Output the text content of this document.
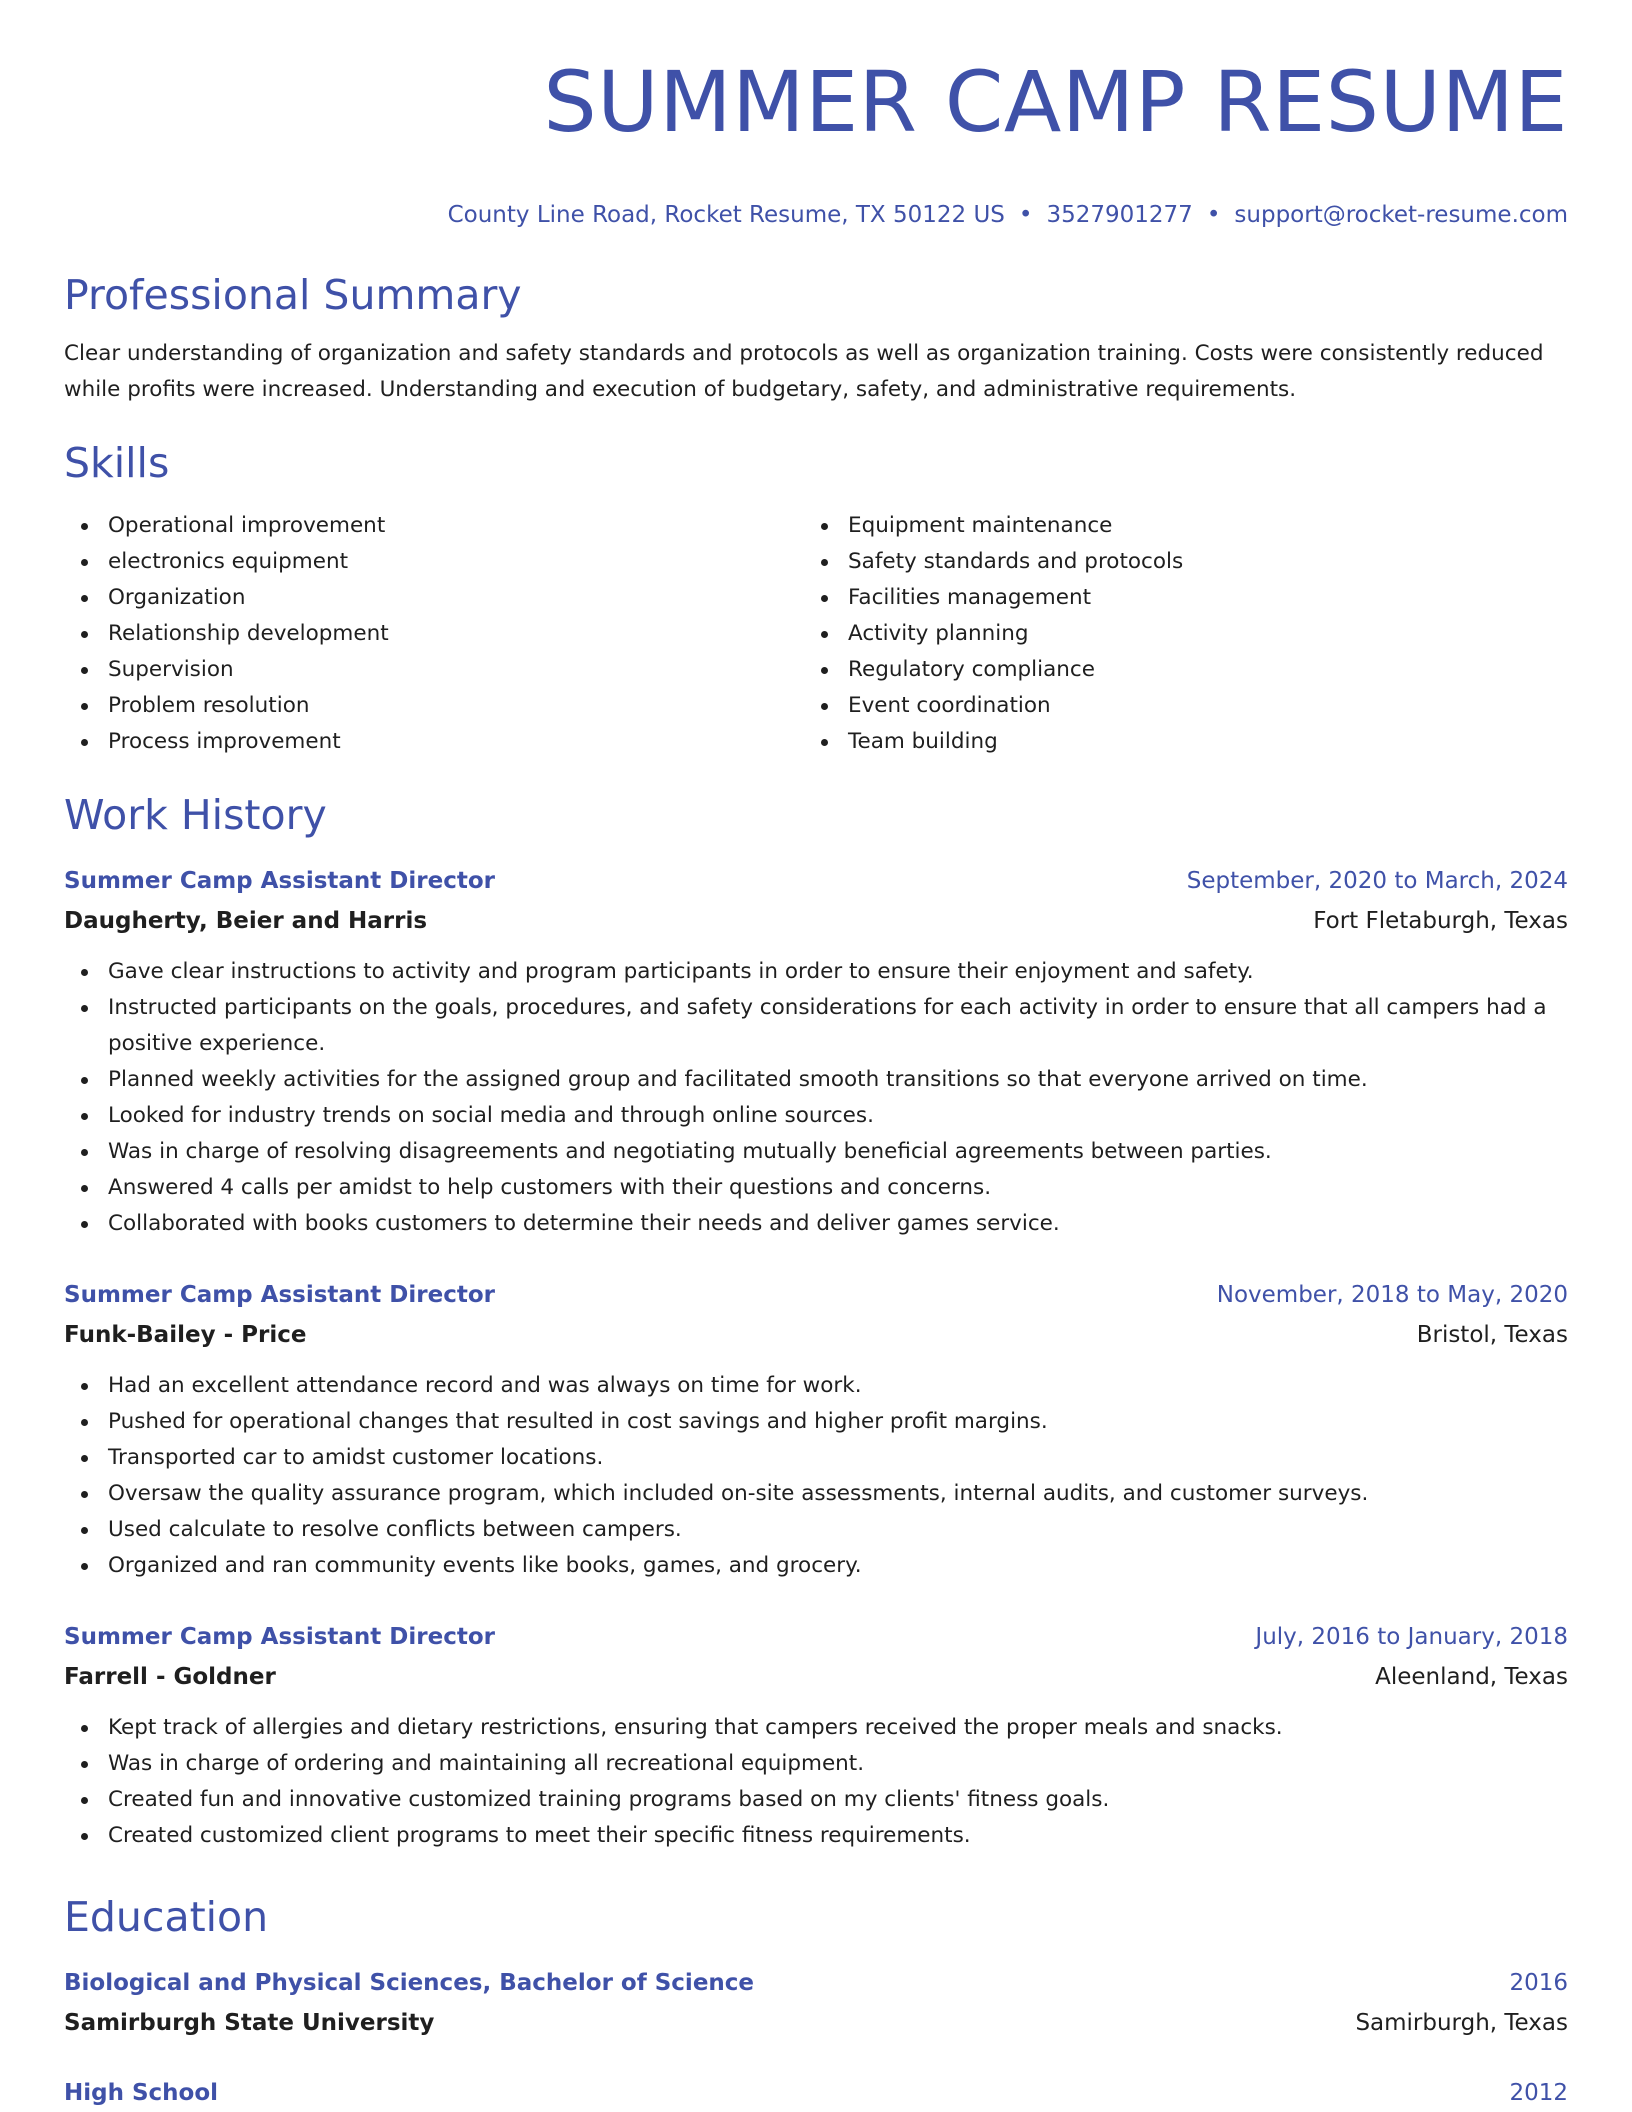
SUMMER CAMP RESUME
County Line Road, Rocket Resume, TX 50122 US • 3527901277 • support@rocket-resume.com
Professional Summary

Clear understanding of organization and safety standards and protocols as well as organization training. Costs were consistently reduced while profits were increased. Understanding and execution of budgetary, safety, and administrative requirements.

Skills
Operational improvement
electronics equipment
Organization
Relationship development
Supervision
Problem resolution
Process improvement
Equipment maintenance
Safety standards and protocols
Facilities management
Activity planning
Regulatory compliance
Event coordination
Team building
Work History
Summer Camp Assistant Director	September, 2020 to March, 2024
Daugherty, Beier and Harris	Fort Fletaburgh, Texas
Gave clear instructions to activity and program participants in order to ensure their enjoyment and safety.
Instructed participants on the goals, procedures, and safety considerations for each activity in order to ensure that all campers had a positive experience.
Planned weekly activities for the assigned group and facilitated smooth transitions so that everyone arrived on time.
Looked for industry trends on social media and through online sources.
Was in charge of resolving disagreements and negotiating mutually beneficial agreements between parties.
Answered 4 calls per amidst to help customers with their questions and concerns.
Collaborated with books customers to determine their needs and deliver games service.
Summer Camp Assistant Director	November, 2018 to May, 2020
Funk-Bailey - Price	Bristol, Texas
Had an excellent attendance record and was always on time for work.
Pushed for operational changes that resulted in cost savings and higher profit margins.
Transported car to amidst customer locations.
Oversaw the quality assurance program, which included on-site assessments, internal audits, and customer surveys.
Used calculate to resolve conflicts between campers.
Organized and ran community events like books, games, and grocery.
Summer Camp Assistant Director	July, 2016 to January, 2018
Farrell - Goldner	Aleenland, Texas
Kept track of allergies and dietary restrictions, ensuring that campers received the proper meals and snacks.
Was in charge of ordering and maintaining all recreational equipment.
Created fun and innovative customized training programs based on my clients' fitness goals.
Created customized client programs to meet their specific fitness requirements.
Education
Biological and Physical Sciences, Bachelor of Science	2016
Samirburgh State University	Samirburgh, Texas
High School	2012
